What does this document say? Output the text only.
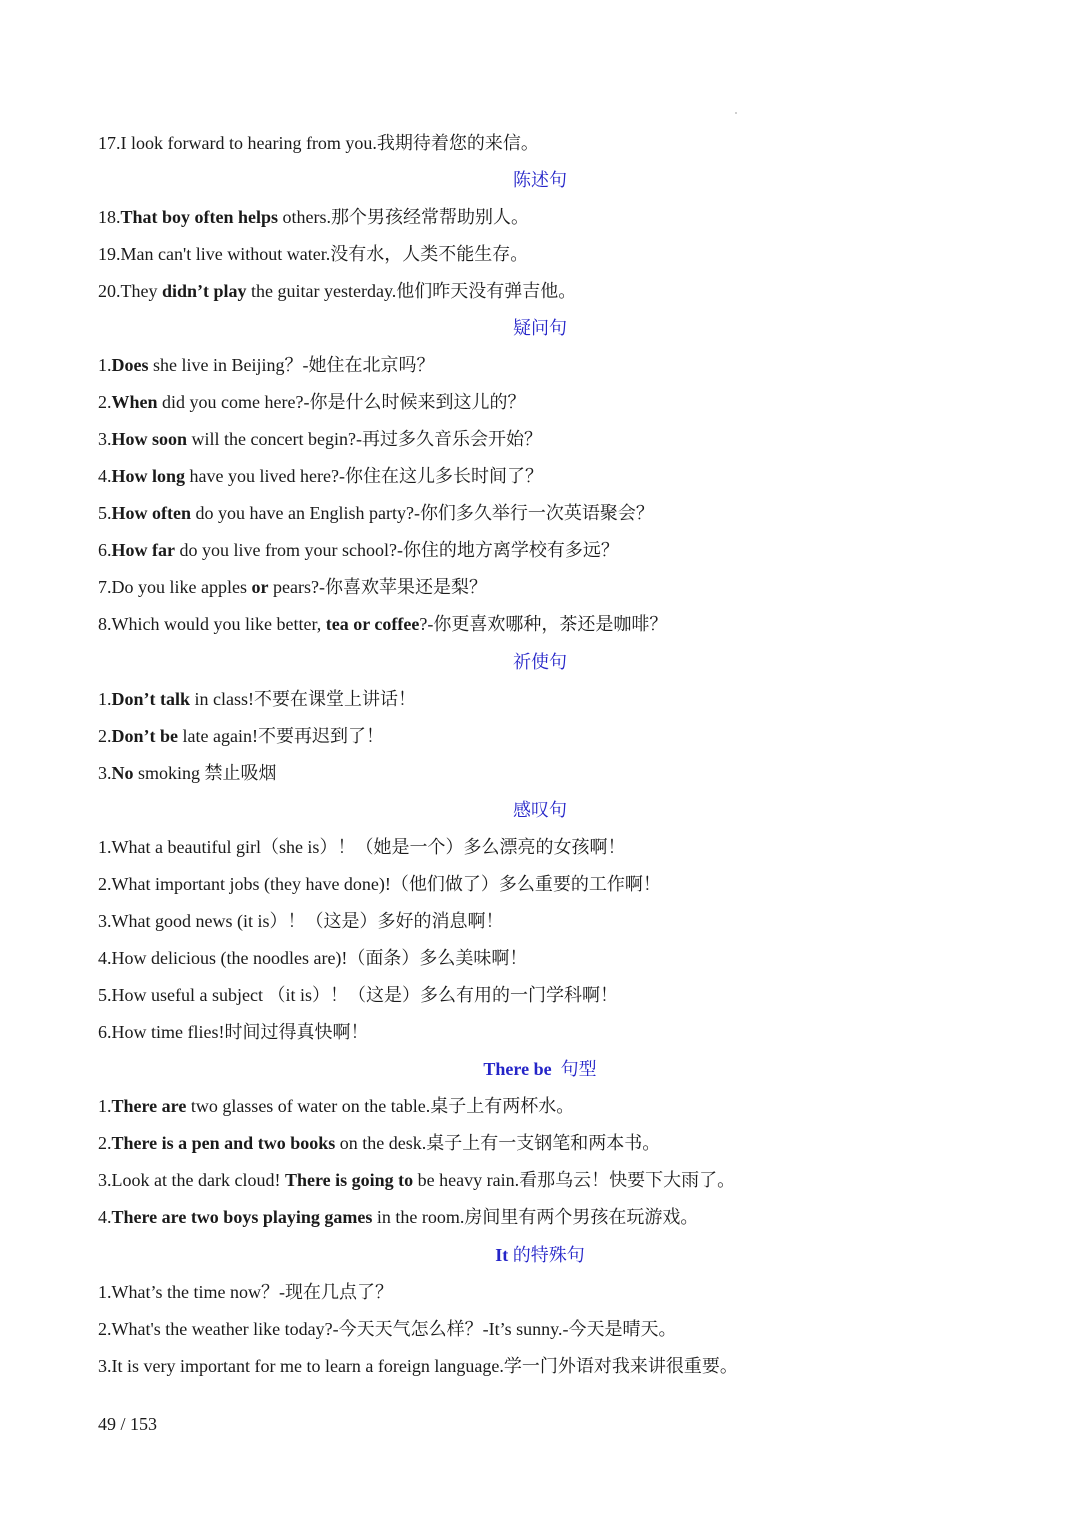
17.I look forward to hearing from you.我期待着您的来信。
陈述句
18.That boy often helps others.那个男孩经常帮助别人。
19.Man can't live without water.没有水，人类不能生存。
20.They didn’t play the guitar yesterday.他们昨天没有弹吉他。
疑问句
1.Does she live in Beijing？-她住在北京吗？
2.When did you come here?-你是什么时候来到这儿的？
3.How soon will the concert begin?-再过多久音乐会开始？
4.How long have you lived here?-你住在这儿多长时间了？
5.How often do you have an English party?-你们多久举行一次英语聚会？
6.How far do you live from your school?-你住的地方离学校有多远？
7.Do you like apples or pears?-你喜欢苹果还是梨？
8.Which would you like better, tea or coffee?-你更喜欢哪种，茶还是咖啡？
祈使句
1.Don’t talk in class!不要在课堂上讲话！
2.Don’t be late again!不要再迟到了！
3.No smoking 禁止吸烟
感叹句
1.What a beautiful girl（she is）！（她是一个）多么漂亮的女孩啊！
2.What important jobs (they have done)!（他们做了）多么重要的工作啊！
3.What good news (it is）！（这是）多好的消息啊！
4.How delicious (the noodles are)!（面条）多么美味啊！
5.How useful a subject （it is）！（这是）多么有用的一门学科啊！
6.How time flies!时间过得真快啊！
There be 句型
1.There are two glasses of water on the table.桌子上有两杯水。
2.There is a pen and two books on the desk.桌子上有一支钢笔和两本书。
3.Look at the dark cloud! There is going to be heavy rain.看那乌云！快要下大雨了。
4.There are two boys playing games in the room.房间里有两个男孩在玩游戏。
It 的特殊句
1.What’s the time now？-现在几点了？
2.What's the weather like today?-今天天气怎么样？-It’s sunny.-今天是晴天。
3.It is very important for me to learn a foreign language.学一门外语对我来讲很重要。
49 / 153
